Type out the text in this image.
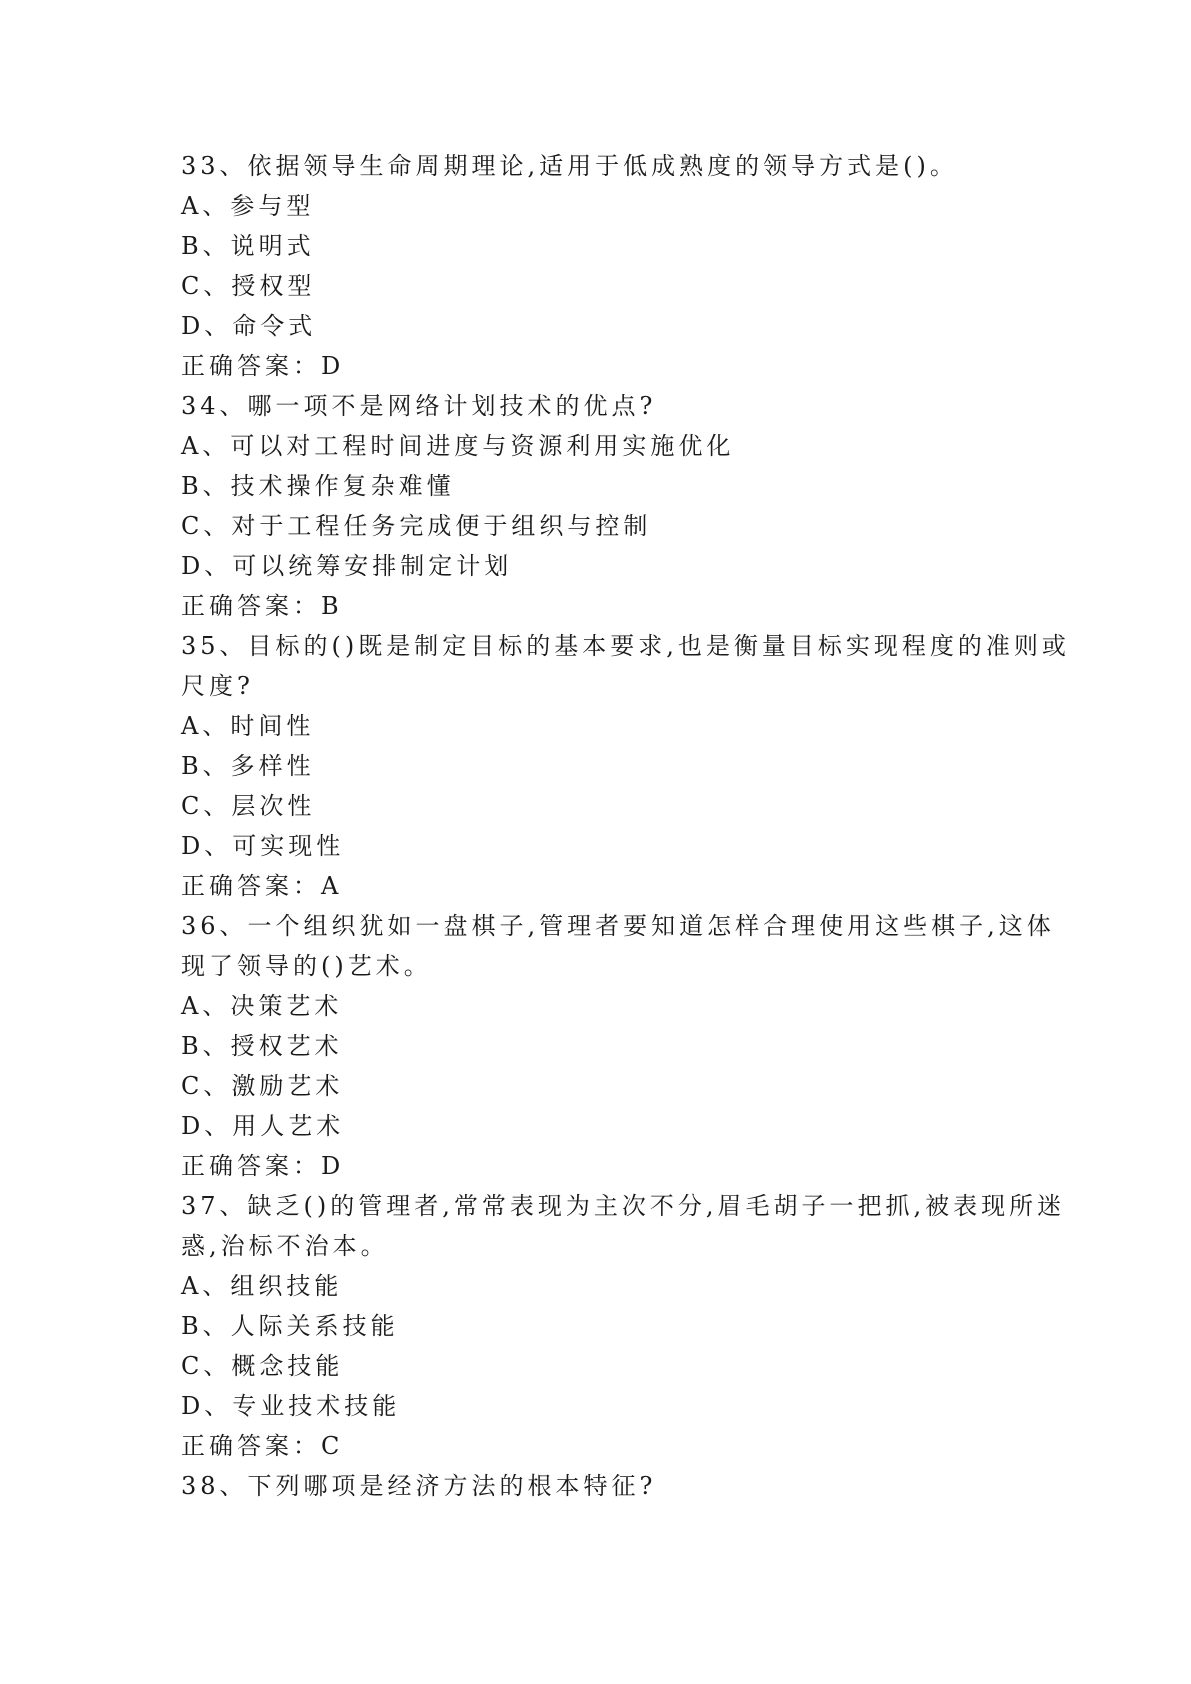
33、依据领导生命周期理论,适用于低成熟度的领导方式是()。
A、参与型
B、说明式
C、授权型
D、命令式
正确答案：D
34、哪一项不是网络计划技术的优点?
A、可以对工程时间进度与资源利用实施优化
B、技术操作复杂难懂
C、对于工程任务完成便于组织与控制
D、可以统筹安排制定计划
正确答案：B
35、目标的()既是制定目标的基本要求,也是衡量目标实现程度的准则或
尺度?
A、时间性
B、多样性
C、层次性
D、可实现性
正确答案：A
36、一个组织犹如一盘棋子,管理者要知道怎样合理使用这些棋子,这体
现了领导的()艺术。
A、决策艺术
B、授权艺术
C、激励艺术
D、用人艺术
正确答案：D
37、缺乏()的管理者,常常表现为主次不分,眉毛胡子一把抓,被表现所迷
惑,治标不治本。
A、组织技能
B、人际关系技能
C、概念技能
D、专业技术技能
正确答案：C
38、下列哪项是经济方法的根本特征?
